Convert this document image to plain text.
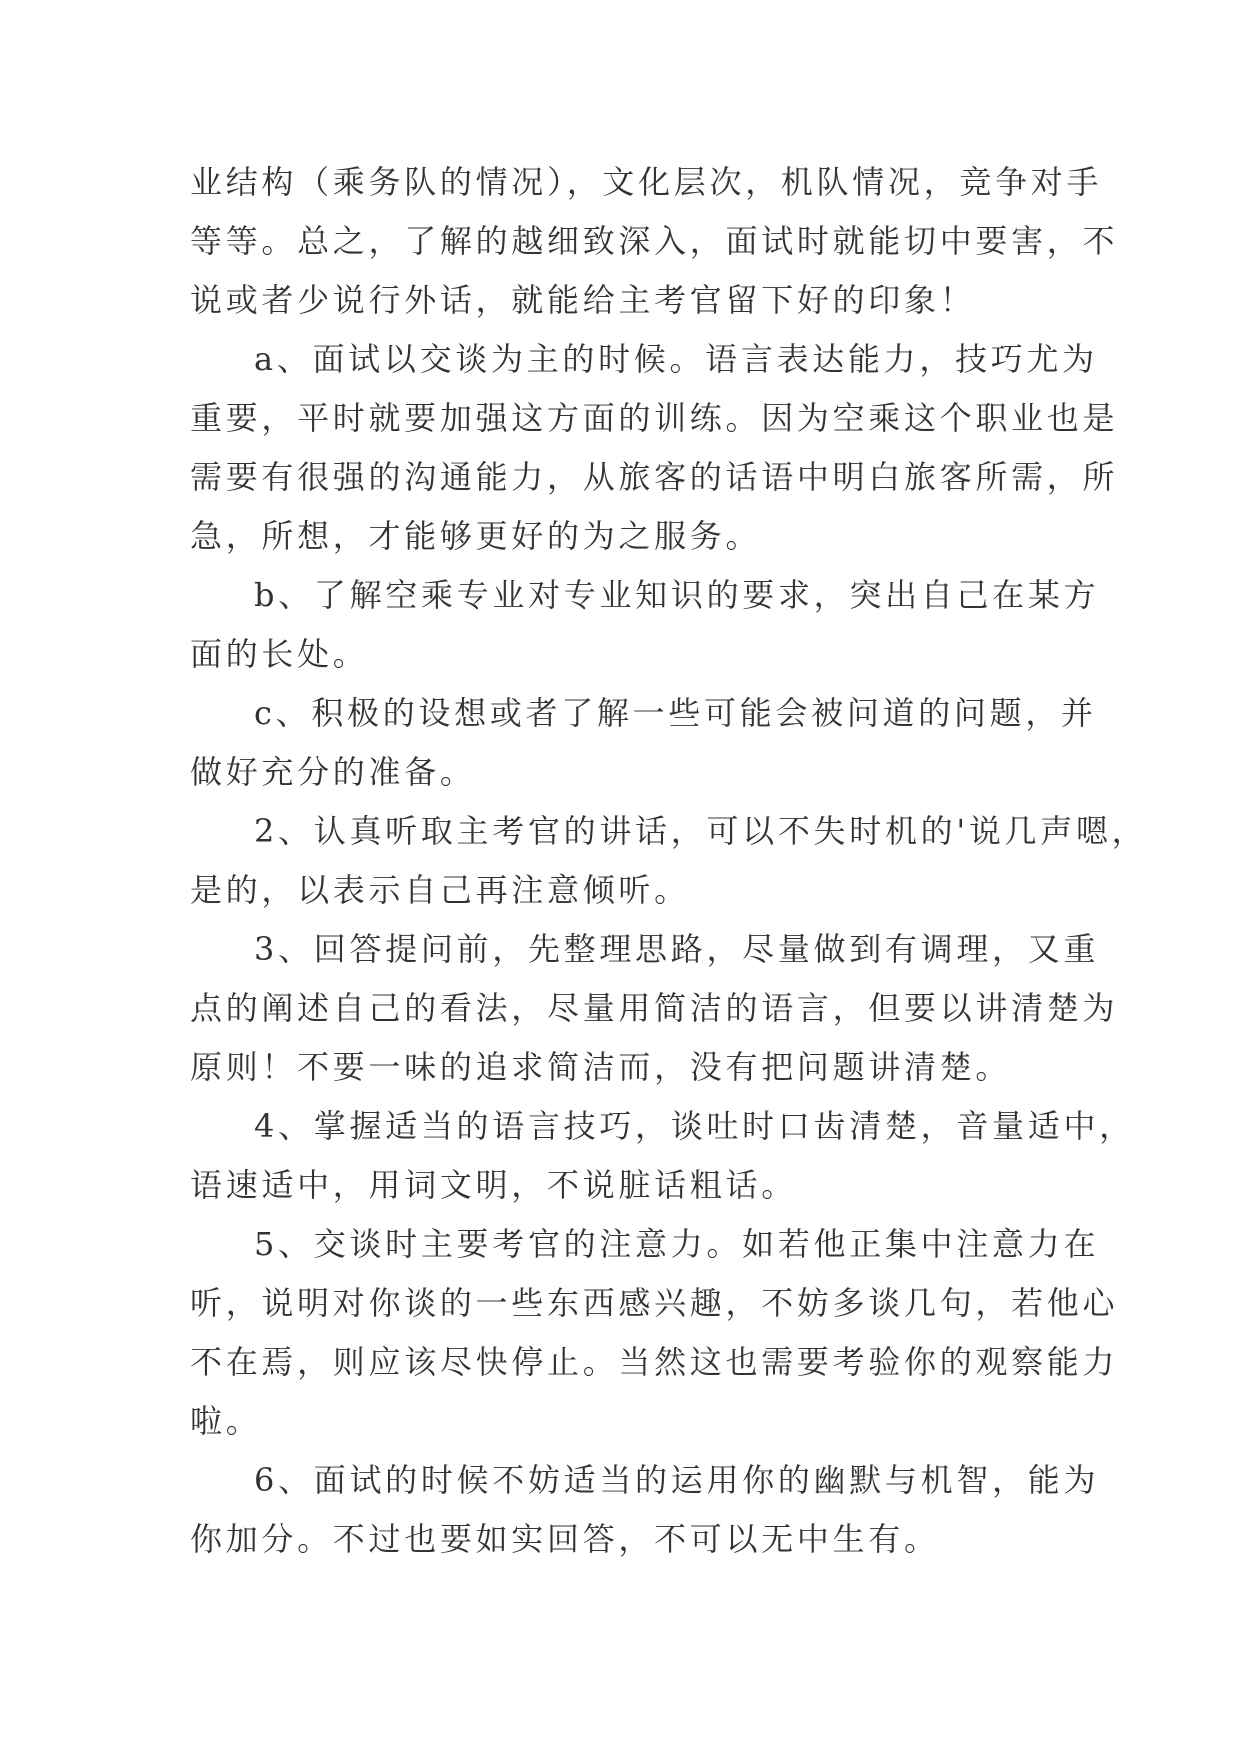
业结构（乘务队的情况），文化层次，机队情况，竞争对手
等等。总之，了解的越细致深入，面试时就能切中要害，不
说或者少说行外话，就能给主考官留下好的印象！
a、面试以交谈为主的时候。语言表达能力，技巧尤为
重要，平时就要加强这方面的训练。因为空乘这个职业也是
需要有很强的沟通能力，从旅客的话语中明白旅客所需，所
急，所想，才能够更好的为之服务。
b、了解空乘专业对专业知识的要求，突出自己在某方
面的长处。
c、积极的设想或者了解一些可能会被问道的问题，并
做好充分的准备。
2、认真听取主考官的讲话，可以不失时机的'说几声嗯，
是的，以表示自己再注意倾听。
3、回答提问前，先整理思路，尽量做到有调理，又重
点的阐述自己的看法，尽量用简洁的语言，但要以讲清楚为
原则！不要一味的追求简洁而，没有把问题讲清楚。
4、掌握适当的语言技巧，谈吐时口齿清楚，音量适中，
语速适中，用词文明，不说脏话粗话。
5、交谈时主要考官的注意力。如若他正集中注意力在
听，说明对你谈的一些东西感兴趣，不妨多谈几句，若他心
不在焉，则应该尽快停止。当然这也需要考验你的观察能力
啦。
6、面试的时候不妨适当的运用你的幽默与机智，能为
你加分。不过也要如实回答，不可以无中生有。
